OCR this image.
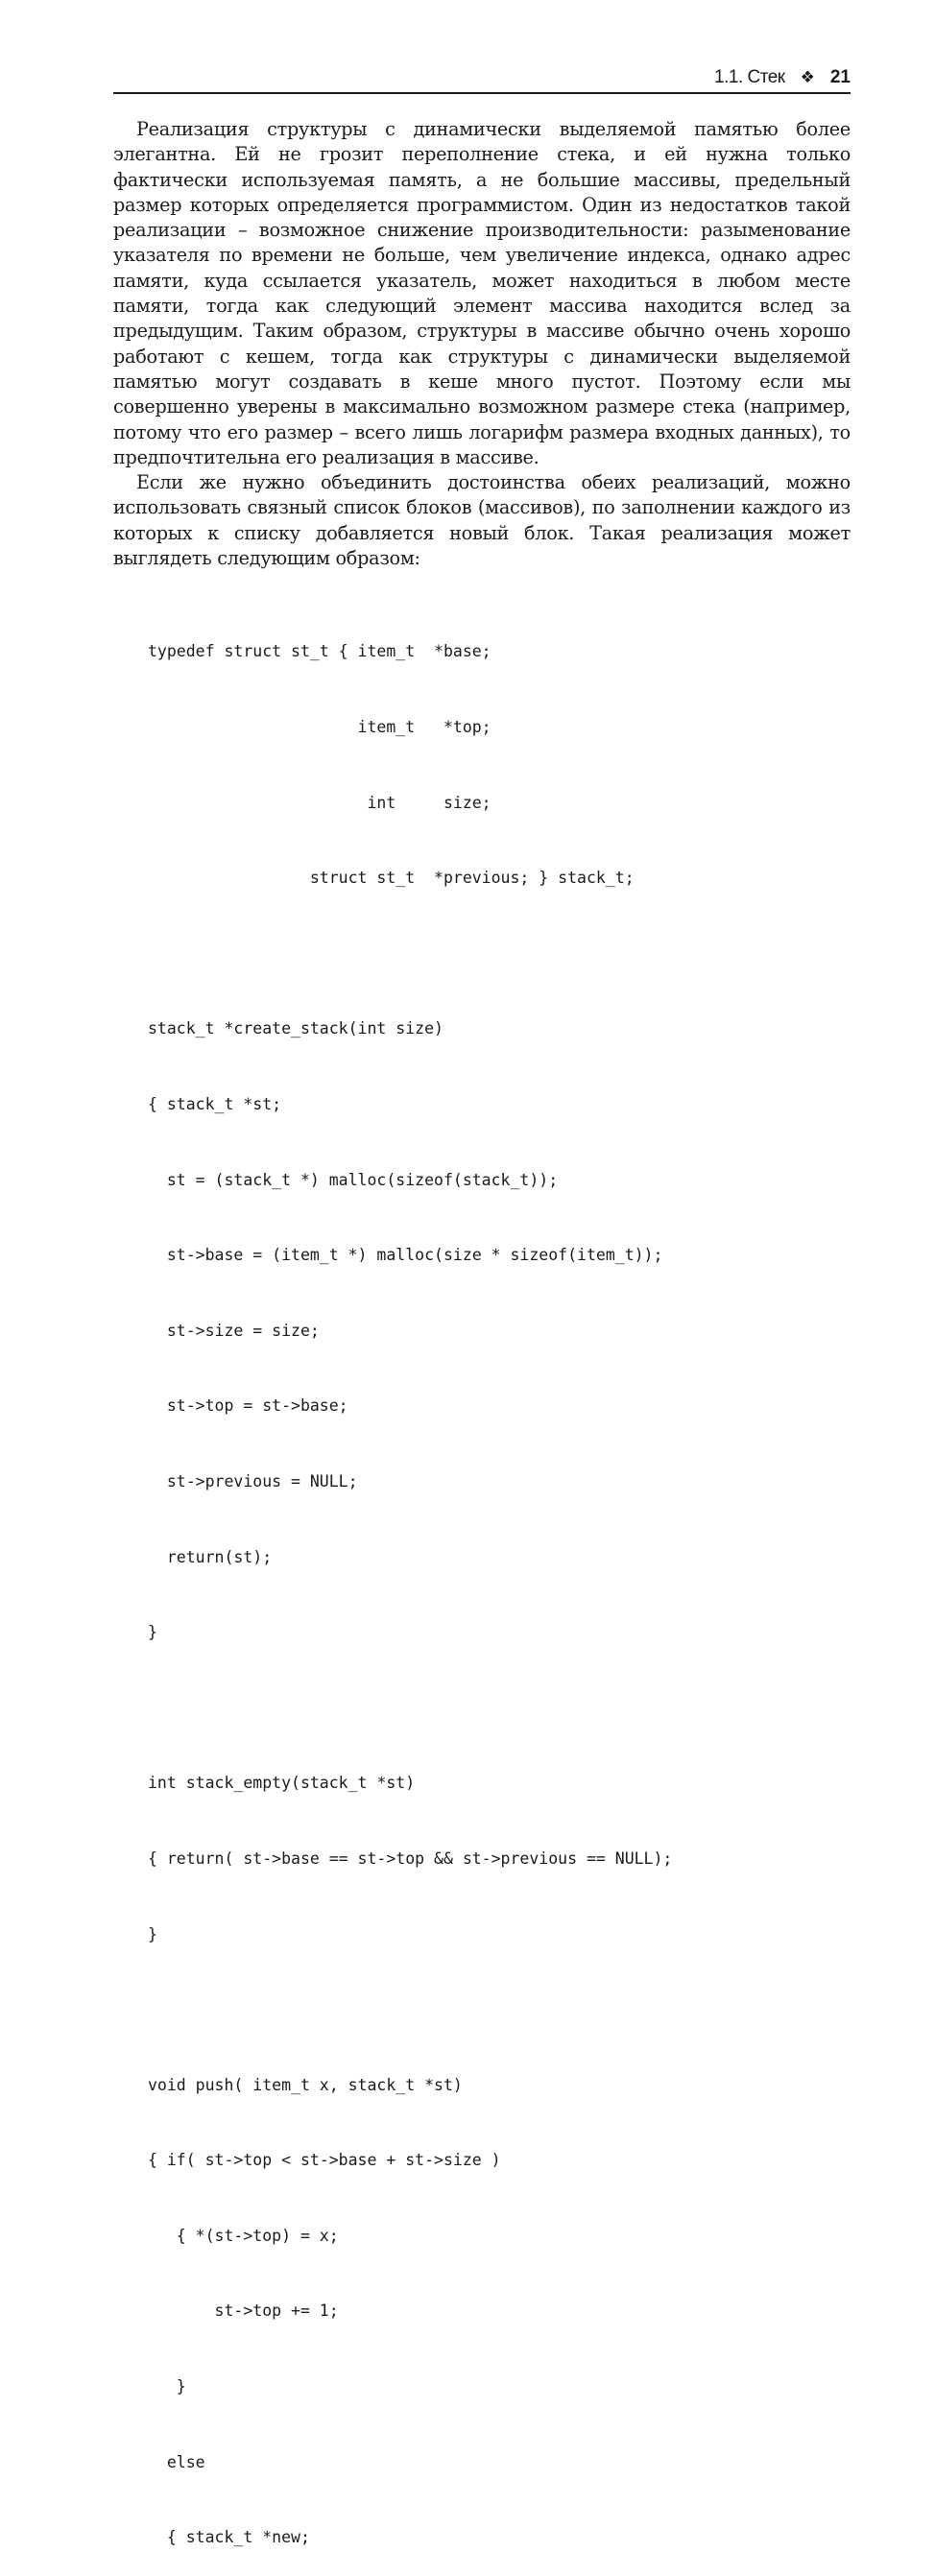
1.1. Стек ❖ 21

Реализация структуры с динамически выделяемой памятью более элегантна. Ей не грозит переполнение стека, и ей нужна только фактически используемая память, а не большие массивы, предельный размер которых определяется программистом. Один из недостатков такой реализации – возможное снижение производительности: разыменование указателя по времени не больше, чем увеличение индекса, однако адрес памяти, куда ссылается указатель, может находиться в любом месте памяти, тогда как следующий элемент массива находится вслед за предыдущим. Таким образом, структуры в массиве обычно очень хорошо работают с кешем, тогда как структуры с динамически выделяемой памятью могут создавать в кеше много пустот. Поэтому если мы совершенно уверены в максимально возможном размере стека (например, потому что его размер – всего лишь логарифм размера входных данных), то предпочтительна его реализация в массиве.

Если же нужно объединить достоинства обеих реализаций, можно использовать связный список блоков (массивов), по заполнении каждого из которых к списку добавляется новый блок. Такая реализация может выглядеть следующим образом:

typedef struct st_t { item_t  *base;

item_t   *top;

int     size;

struct st_t  *previous; } stack_t;

stack_t *create_stack(int size)

{ stack_t *st;

st = (stack_t *) malloc(sizeof(stack_t));

st->base = (item_t *) malloc(size * sizeof(item_t));

st->size = size;

st->top = st->base;

st->previous = NULL;

return(st);

}

int stack_empty(stack_t *st)

{ return( st->base == st->top && st->previous == NULL);

}

void push( item_t x, stack_t *st)

{ if( st->top < st->base + st->size )

{ *(st->top) = x;

st->top += 1;

}

else

{ stack_t *new;
